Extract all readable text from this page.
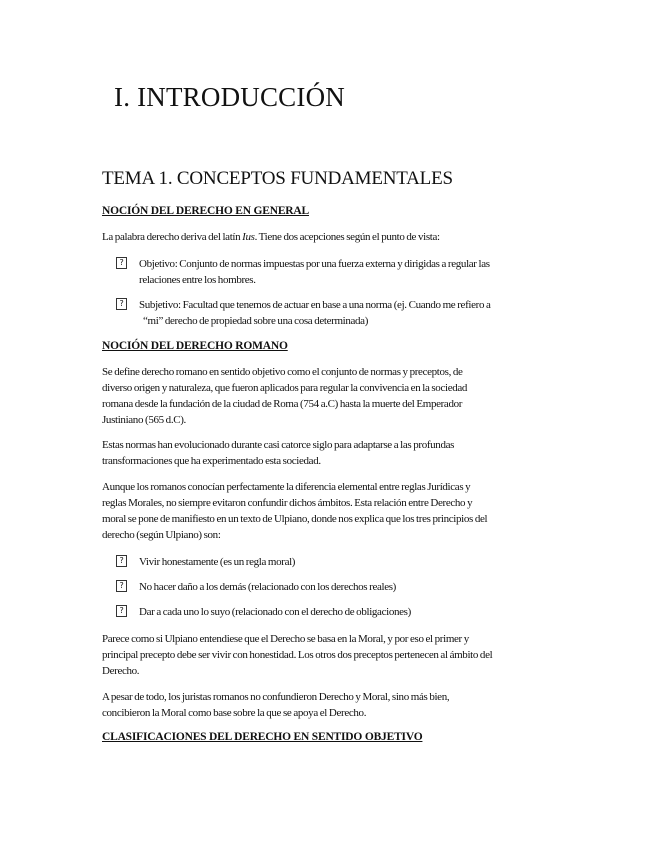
I. INTRODUCCIÓN
TEMA 1. CONCEPTOS FUNDAMENTALES
NOCIÓN DEL DERECHO EN GENERAL

La palabra derecho deriva del latín Ius. Tiene dos acepciones según el punto de vista:

?	Objetivo: Conjunto de normas impuestas por una fuerza externa y dirigidas a regular las
relaciones entre los hombres.
?	Subjetivo: Facultad que tenemos de actuar en base a una norma (ej. Cuando me refiero a
“mi” derecho de propiedad sobre una cosa determinada)
NOCIÓN DEL DERECHO ROMANO

Se define derecho romano en sentido objetivo como el conjunto de normas y preceptos, de
diverso origen y naturaleza, que fueron aplicados para regular la convivencia en la sociedad
romana desde la fundación de la ciudad de Roma (754 a.C) hasta la muerte del Emperador
Justiniano (565 d.C).

Estas normas han evolucionado durante casi catorce siglo para adaptarse a las profundas
transformaciones que ha experimentado esta sociedad.

Aunque los romanos conocían perfectamente la diferencia elemental entre reglas Jurídicas y
reglas Morales, no siempre evitaron confundir dichos ámbitos. Esta relación entre Derecho y
moral se pone de manifiesto en un texto de Ulpiano, donde nos explica que los tres principios del
derecho (según Ulpiano) son:

?	Vivir honestamente (es un regla moral)
?	No hacer daño a los demás (relacionado con los derechos reales)
?	Dar a cada uno lo suyo (relacionado con el derecho de obligaciones)

Parece como si Ulpiano entendiese que el Derecho se basa en la Moral, y por eso el primer y
principal precepto debe ser vivir con honestidad. Los otros dos preceptos pertenecen al ámbito del
Derecho.

A pesar de todo, los juristas romanos no confundieron Derecho y Moral, sino más bien,
concibieron la Moral como base sobre la que se apoya el Derecho.

CLASIFICACIONES DEL DERECHO EN SENTIDO OBJETIVO
